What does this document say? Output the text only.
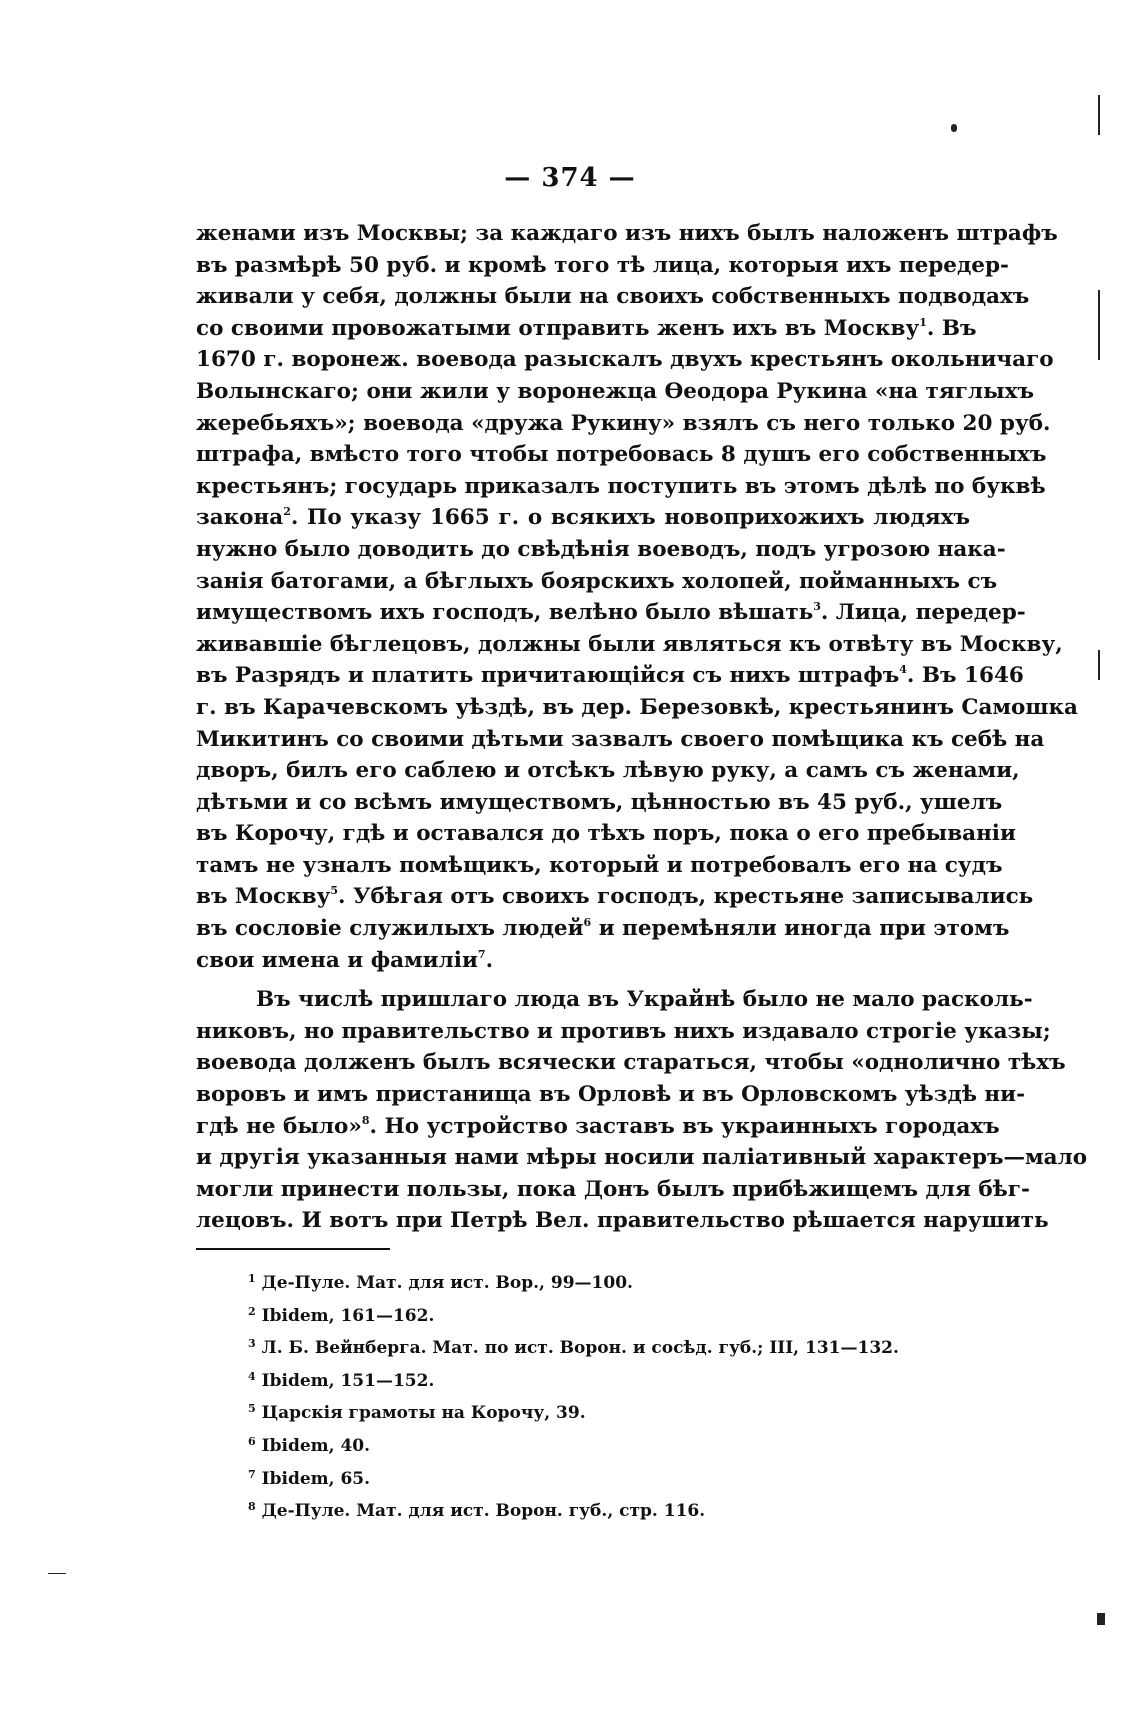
— 374 —
женами изъ Москвы; за каждаго изъ нихъ былъ наложенъ штрафъ
въ размѣрѣ 50 руб. и кромѣ того тѣ лица, которыя ихъ передер-
живали у себя, должны были на своихъ собственныхъ подводахъ
со своими провожатыми отправить женъ ихъ въ Москву$^1$. Въ
1670 г. воронеж. воевода разыскалъ двухъ крестьянъ окольничаго
Волынскаго; они жили у воронежца Ѳеодора Рукина «на тяглыхъ
жеребьяхъ»; воевода «дружа Рукину» взялъ съ него только 20 руб.
штрафа, вмѣсто того чтобы потребовась 8 душъ его собственныхъ
крестьянъ; государь приказалъ поступить въ этомъ дѣлѣ по буквѣ
закона$^2$. По указу 1665 г. о всякихъ новоприхожихъ людяхъ
нужно было доводить до свѣдѣнія воеводъ, подъ угрозою нака-
занія батогами, а бѣглыхъ боярскихъ холопей, пойманныхъ съ
имуществомъ ихъ господъ, велѣно было вѣшать$^3$. Лица, передер-
живавшіе бѣглецовъ, должны были являться къ отвѣту въ Москву,
въ Разрядъ и платить причитающійся съ нихъ штрафъ$^4$. Въ 1646
г. въ Карачевскомъ уѣздѣ, въ дер. Березовкѣ, крестьянинъ Самошка
Микитинъ со своими дѣтьми зазвалъ своего помѣщика къ себѣ на
дворъ, билъ его саблею и отсѣкъ лѣвую руку, а самъ съ женами,
дѣтьми и со всѣмъ имуществомъ, цѣнностью въ 45 руб., ушелъ
въ Корочу, гдѣ и оставался до тѣхъ поръ, пока о его пребываніи
тамъ не узналъ помѣщикъ, который и потребовалъ его на судъ
въ Москву$^5$. Убѣгая отъ своихъ господъ, крестьяне записывались
въ сословіе служилыхъ людей$^6$ и перемѣняли иногда при этомъ
свои имена и фамиліи$^7$.
Въ числѣ пришлаго люда въ Украйнѣ было не мало расколь-
никовъ, но правительство и противъ нихъ издавало строгіе указы;
воевода долженъ былъ всячески стараться, чтобы «однолично тѣхъ
воровъ и имъ пристанища въ Орловѣ и въ Орловскомъ уѣздѣ ни-
гдѣ не было»$^8$. Но устройство заставъ въ украинныхъ городахъ
и другія указанныя нами мѣры носили паліативный характеръ—мало
могли принести пользы, пока Донъ былъ прибѣжищемъ для бѣг-
лецовъ. И вотъ при Петрѣ Вел. правительство рѣшается нарушить
$^1$ Де-Пуле. Мат. для ист. Вор., 99—100.
$^2$ Ibidem, 161—162.
$^3$ Л. Б. Вейнберга. Мат. по ист. Ворон. и сосѣд. губ.; III, 131—132.
$^4$ Ibidem, 151—152.
$^5$ Царскія грамоты на Корочу, 39.
$^6$ Ibidem, 40.
$^7$ Ibidem, 65.
$^8$ Де-Пуле. Мат. для ист. Ворон. губ., стр. 116.
